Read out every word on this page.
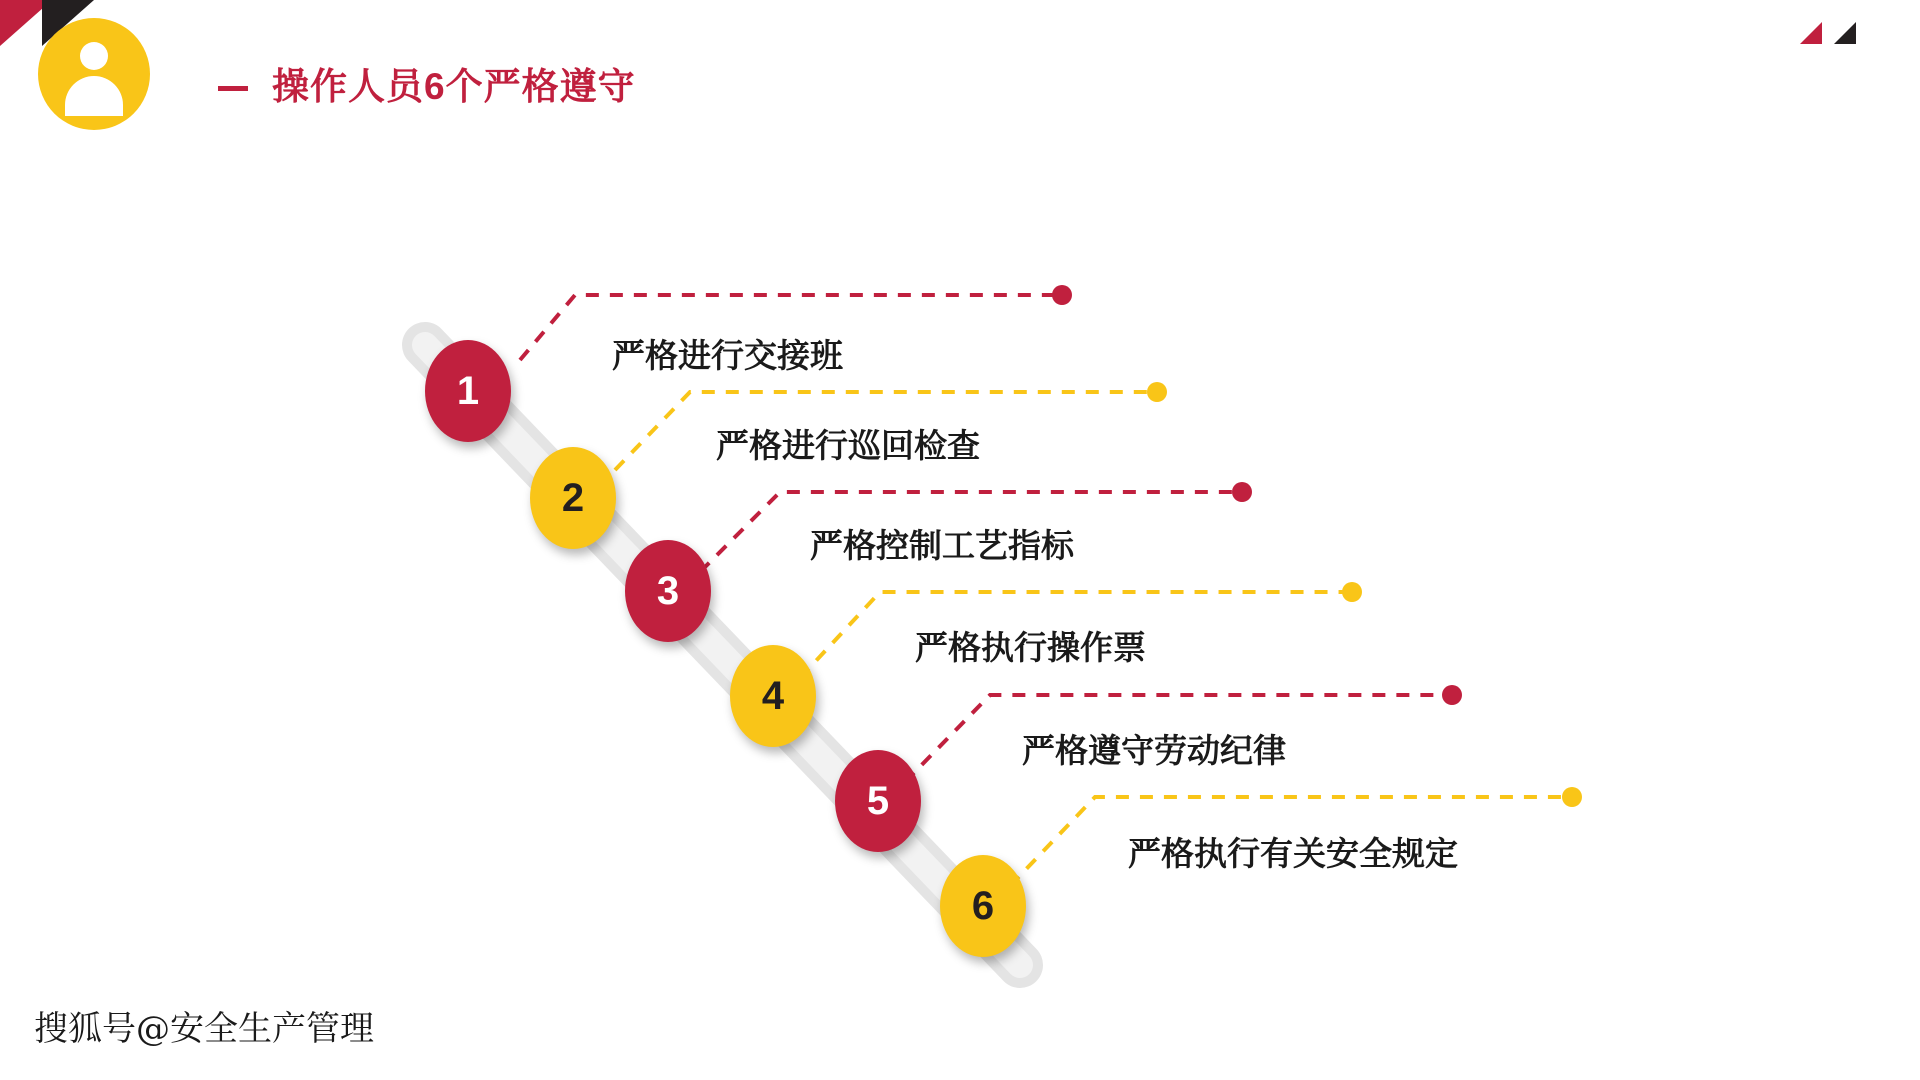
操作人员6个严格遵守
1
2
3
4
5
6
严格进行交接班
严格进行巡回检查
严格控制工艺指标
严格执行操作票
严格遵守劳动纪律
严格执行有关安全规定
搜狐号@安全生产管理
